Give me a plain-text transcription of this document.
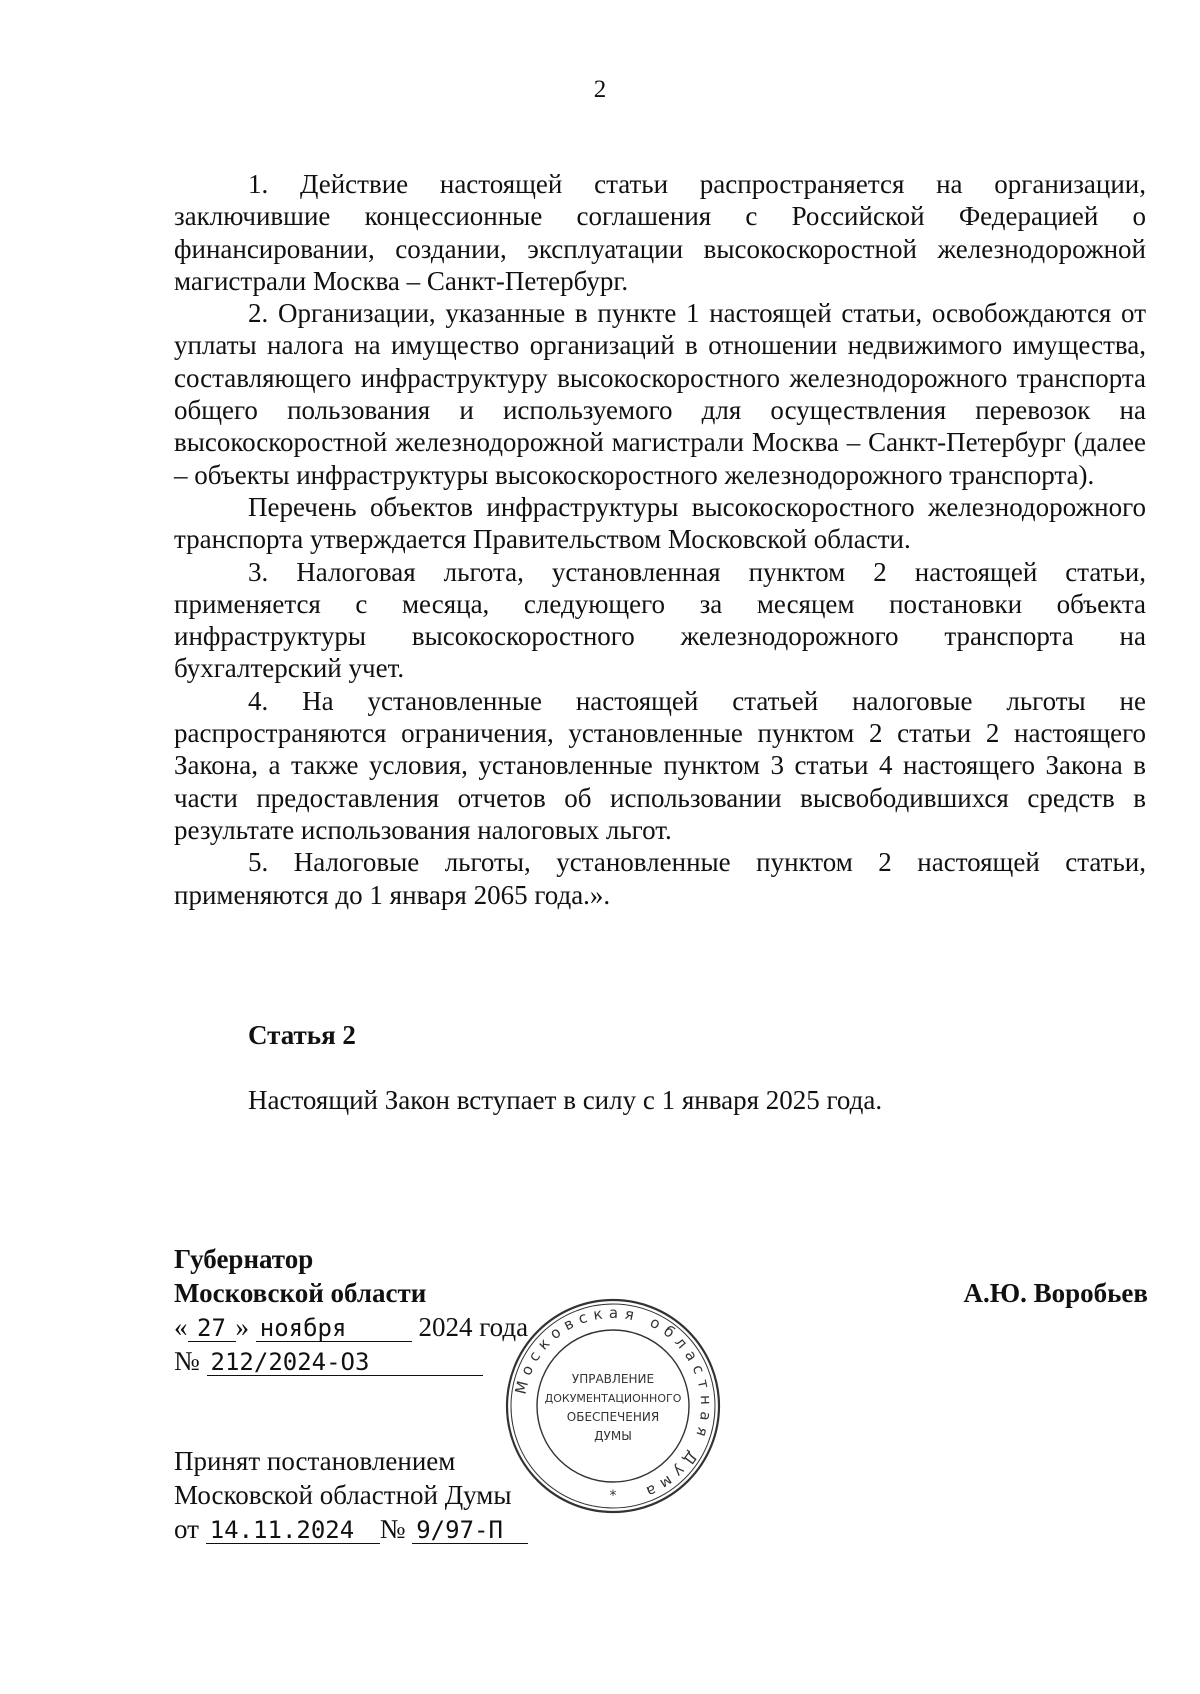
2

1. Действие настоящей статьи распространяется на организации, заключившие концессионные соглашения с Российской Федерацией о финансировании, создании, эксплуатации высокоскоростной железнодорожной магистрали Москва – Санкт-Петербург.

2. Организации, указанные в пункте 1 настоящей статьи, освобождаются от уплаты налога на имущество организаций в отношении недвижимого имущества, составляющего инфраструктуру высокоскоростного железнодорожного транспорта общего пользования и используемого для осуществления перевозок на высокоскоростной железнодорожной магистрали Москва – Санкт-Петербург (далее – объекты инфраструктуры высокоскоростного железнодорожного транспорта).

Перечень объектов инфраструктуры высокоскоростного железнодорожного транспорта утверждается Правительством Московской области.

3. Налоговая льгота, установленная пунктом 2 настоящей статьи, применяется с месяца, следующего за месяцем постановки объекта инфраструктуры высокоскоростного железнодорожного транспорта на бухгалтерский учет.

4. На установленные настоящей статьей налоговые льготы не распространяются ограничения, установленные пунктом 2 статьи 2 настоящего Закона, а также условия, установленные пунктом 3 статьи 4 настоящего Закона в части предоставления отчетов об использовании высвободившихся средств в результате использования налоговых льгот.

5. Налоговые льготы, установленные пунктом 2 настоящей статьи, применяются до 1 января 2065 года.».

Статья 2
Настоящий Закон вступает в силу с 1 января 2025 года.
Губернатор
Московской области	А.Ю. Воробьев
« 27 » ноября	2024 года
№ 212/2024-ОЗ
Принят постановлением
Московской областной Думы
от 14.11.2024 № 9/97-П
Московская областная Дума
УПРАВЛЕНИЕ
ДОКУМЕНТАЦИОННОГО
ОБЕСПЕЧЕНИЯ
ДУМЫ
*
